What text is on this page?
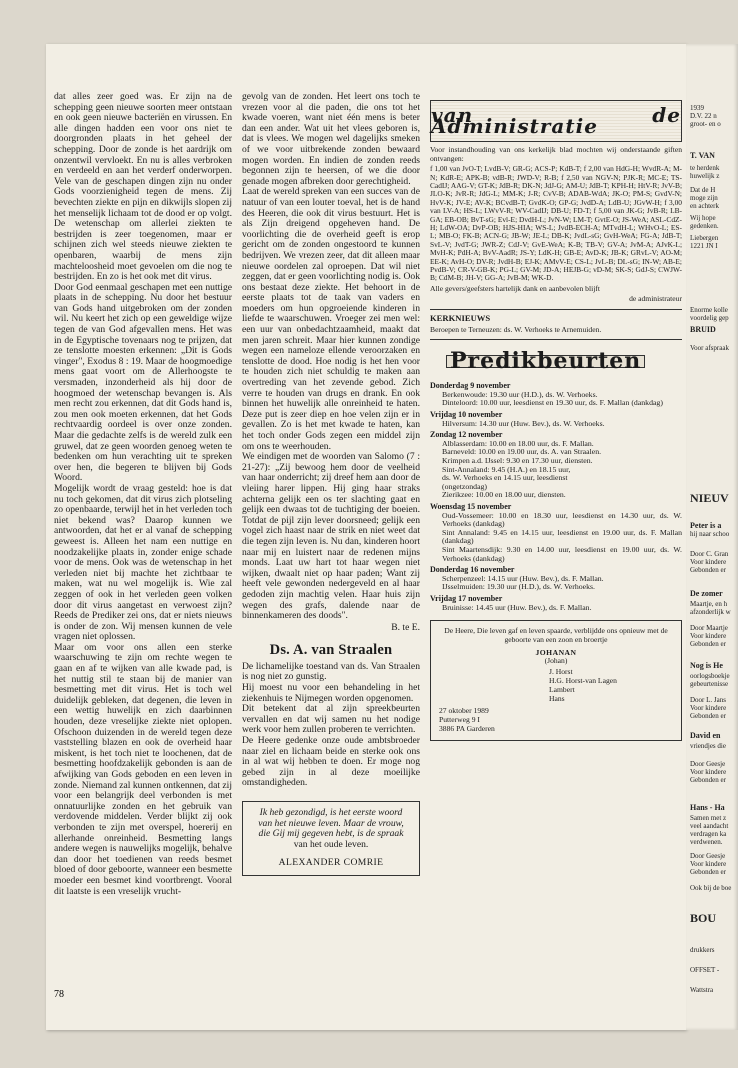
dat alles zeer goed was. Er zijn na de schepping geen nieuwe soorten meer ontstaan en ook geen nieuwe bacteriën en virussen. En alle dingen hadden een voor ons niet te doorgronden plaats in het geheel der schepping. Door de zonde is het aardrijk om onzentwil vervloekt. En nu is alles verbroken en verdeeld en aan het verderf onderworpen. Vele van de geschapen dingen zijn nu onder Gods voorzienigheid tegen de mens. Zij bevechten ziekte en pijn en dikwijls slopen zij het menselijk lichaam tot de dood er op volgt. De wetenschap om allerlei ziekten te bestrijden is zeer toegenomen, maar er schijnen zich wel steeds nieuwe ziekten te openbaren, waarbij de mens zijn machteloosheid moet gevoelen om die nog te bestrijden. En zo is het ook met dit virus.

Door God eenmaal geschapen met een nuttige plaats in de schepping. Nu door het bestuur van Gods hand uitgebroken om der zonden wil. Nu keert het zich op een geweldige wijze tegen de van God afgevallen mens. Het was in de Egyptische tovenaars nog te prijzen, dat ze tenslotte moesten erkennen: „Dit is Gods vinger", Exodus 8 : 19. Maar de hoogmoedige mens gaat voort om de Allerhoogste te versmaden, inzonderheid als hij door de hoogmoed der wetenschap bevangen is. Als men recht zou erkennen, dat dit Gods hand is, zou men ook moeten erkennen, dat het Gods rechtvaardig oordeel is over onze zonden. Maar die gedachte zelfs is de wereld zulk een gruwel, dat ze geen woorden genoeg weten te bedenken om hun verachting uit te spreken over hen, die begeren te blijven bij Gods Woord.

Mogelijk wordt de vraag gesteld: hoe is dat nu toch gekomen, dat dit virus zich plotseling zo openbaarde, terwijl het in het verleden toch niet bekend was? Daarop kunnen we antwoorden, dat het er al vanaf de schepping geweest is. Alleen het nam een nuttige en noodzakelijke plaats in, zonder enige schade voor de mens. Ook was de wetenschap in het verleden niet bij machte het zichtbaar te maken, wat nu wel mogelijk is. Wie zal zeggen of ook in het verleden geen volken door dit virus aangetast en verwoest zijn? Reeds de Prediker zei ons, dat er niets nieuws is onder de zon. Wij mensen kunnen de vele vragen niet oplossen.

Maar om voor ons allen een sterke waarschuwing te zijn om rechte wegen te gaan en af te wijken van alle kwade pad, is het nuttig stil te staan bij de manier van besmetting met dit virus. Het is toch wel duidelijk gebleken, dat degenen, die leven in een wettig huwelijk en zich daarbinnen houden, deze vreselijke ziekte niet oplopen. Ofschoon duizenden in de wereld tegen deze vaststelling blazen en ook de overheid haar miskent, is het toch niet te loochenen, dat de besmetting hoofdzakelijk gebonden is aan de afwijking van Gods geboden en een leven in zonde. Niemand zal kunnen ontkennen, dat zij voor een belangrijk deel verbonden is met onnatuurlijke zonden en het gebruik van verdovende middelen. Verder blijkt zij ook verbonden te zijn met overspel, hoererij en allerhande onreinheid. Besmetting langs andere wegen is nauwelijks mogelijk, behalve dan door het toedienen van reeds besmet bloed of door geboorte, wanneer een besmette moeder een besmet kind voortbrengt. Vooral dit laatste is een vreselijk vrucht-

gevolg van de zonden. Het leert ons toch te vrezen voor al die paden, die ons tot het kwade voeren, want niet één mens is beter dan een ander. Wat uit het vlees geboren is, dat is vlees. We mogen wel dagelijks smeken of we voor uitbrekende zonden bewaard mogen worden. En indien de zonden reeds begonnen zijn te heersen, of we die door genade mogen afbreken door gerechtigheid.

Laat de wereld spreken van een succes van de natuur of van een louter toeval, het is de hand des Heeren, die ook dit virus bestuurt. Het is als Zijn dreigend opgeheven hand. De voorlichting die de overheid geeft is erop gericht om de zonden ongestoord te kunnen bedrijven. We vrezen zeer, dat dit alleen maar nieuwe oordelen zal oproepen. Dat wil niet zeggen, dat er geen voorlichting nodig is. Ook ons bestaat deze ziekte. Het behoort in de eerste plaats tot de taak van vaders en moeders om hun opgroeiende kinderen in liefde te waarschuwen. Vroeger zei men wel: een uur van onbedachtzaamheid, maakt dat men jaren schreit. Maar hier kunnen zondige wegen een nameloze ellende veroorzaken en tenslotte de dood. Hoe nodig is het hen voor te houden zich niet schuldig te maken aan overtreding van het zevende gebod. Zich verre te houden van drugs en drank. En ook binnen het huwelijk alle onreinheid te haten. Deze put is zeer diep en hoe velen zijn er in gevallen. Zo is het met kwade te haten, kan het toch onder Gods zegen een middel zijn om ons te weerhouden.

We eindigen met de woorden van Salomo (7 : 21-27): „Zij bewoog hem door de veelheid van haar onderricht; zij dreef hem aan door de vleiing harer lippen. Hij ging haar straks achterna gelijk een os ter slachting gaat en gelijk een dwaas tot de tuchtiging der boeien. Totdat de pijl zijn lever doorsneed; gelijk een vogel zich haast naar de strik en niet weet dat die tegen zijn leven is. Nu dan, kinderen hoort naar mij en luistert naar de redenen mijns monds. Laat uw hart tot haar wegen niet wijken, dwaalt niet op haar paden; Want zij heeft vele gewonden nedergeveld en al haar gedoden zijn machtig velen. Haar huis zijn wegen des grafs, dalende naar de binnenkameren des doods".

B. te E.
Ds. A. van Straalen

De lichamelijke toestand van ds. Van Straalen is nog niet zo gunstig.

Hij moest nu voor een behandeling in het ziekenhuis te Nijmegen worden opgenomen.

Dit betekent dat al zijn spreekbeurten vervallen en dat wij samen nu het nodige werk voor hem zullen proberen te verrichten.

De Heere gedenke onze oude ambtsbroeder naar ziel en lichaam beide en sterke ook ons in al wat wij hebben te doen. Er moge nog gebed zijn in al deze moeilijke omstandigheden.

Ik heb gezondigd, is het eerste woord
van het nieuwe leven. Maar de vrouw,
die Gij mij gegeven hebt, is de spraak
van het oude leven.
ALEXANDER COMRIE
van de Administratie

Voor instandhouding van ons kerkelijk blad mochten wij onderstaande giften ontvangen:

f 1,00 van JvO-T; LvdB-V; GR-G; ACS-P; KdB-T; f 2,00 van HdG-H; WvdR-A; M-N; KdR-E; APK-B; vdB-R; JWD-V; R-B; f 2,50 van NGV-N; PJK-R; MC-E; TS-CadIJ; AAG-V; GT-K; JdB-R; DK-N; JdJ-G; AM-U; JdB-T; KPH-H; HtV-R; JvV-B; JLO-K; JvR-R; JdG-L; MM-K; J-R; CvV-B; ADAB-WdA; JK-O; PM-S; GvdV-N; HvV-K; JV-E; AV-K; BCvdB-T; GvdK-O; GP-G; JvdD-A; LdB-U; JGvW-H; f 3,00 van LV-A; HS-L; LWvV-R; WV-CadIJ; DB-U; FD-T; f 5,00 van JK-G; JvB-R; LB-GA; EB-OB; BvT-sG; Evl-E; DvdH-L; JvN-W; LM-T; GvtE-O; JS-WeA; ASL-CdZ-H; LdW-OA; DvP-OB; HJS-HIA; WS-L; JvdB-ECH-A; MTvdH-L; WHvO-L; ES-L; MB-O; FK-B; ACN-G; JB-W; JE-L; DB-K; JvdL-sG; GvH-WeA; FG-A; JdB-T; SvL-V; JvdT-G; JWR-Z; CdJ-V; GvE-WeA; K-B; TB-V; GV-A; JvM-A; AJvK-L; MvH-K; PdH-A; BvV-AadR; JS-Y; LdK-H; GB-E; AvD-K; JB-K; GRvL-V; AO-M; EE-K; AvH-O; DV-R; JvdH-B; EJ-K; AMvV-E; CS-L; JvL-B; DL-sG; IN-W; AB-E; PvdB-V; CR-V-GB-K; PG-L; GV-M; JD-A; HEJB-G; vD-M; SK-S; GdJ-S; CWJW-B; CdM-B; JH-V; GG-A; JvB-M; WK-D.

Alle gevers/geefsters hartelijk dank en aanbevolen blijft

de administrateur

KERKNIEUWS

Beroepen te Terneuzen: ds. W. Verhoeks te Arnemuiden.

Predikbeurten
Donderdag 9 november
Berkenwoude: 19.30 uur (H.D.), ds. W. Verhoeks.
Dinteloord: 10.00 uur, leesdienst en 19.30 uur, ds. F. Mallan (dankdag)
Vrijdag 10 november
Hilversum: 14.30 uur (Huw. Bev.), ds. W. Verhoeks.
Zondag 12 november
Alblasserdam: 10.00 en 18.00 uur, ds. F. Mallan.
Barneveld: 10.00 en 19.00 uur, ds. A. van Straalen.
Krimpen a.d. IJssel: 9.30 en 17.30 uur, diensten.
Sint-Annaland: 9.45 (H.A.) en 18.15 uur,
ds. W. Verhoeks en 14.15 uur, leesdienst
(ongetzondag)
Zierikzee: 10.00 en 18.00 uur, diensten.
Woensdag 15 november
Oud-Vossemeer: 10.00 en 18.30 uur, leesdienst en 14.30 uur, ds. W. Verhoeks (dankdag)
Sint Annaland: 9.45 en 14.15 uur, leesdienst en 19.00 uur, ds. F. Mallan (dankdag)
Sint Maartensdijk: 9.30 en 14.00 uur, leesdienst en 19.00 uur, ds. W. Verhoeks (dankdag)
Donderdag 16 november
Scherpenzeel: 14.15 uur (Huw. Bev.), ds. F. Mallan.
IJsselmuiden: 19.30 uur (H.D.), ds. W. Verhoeks.
Vrijdag 17 november
Bruinisse: 14.45 uur (Huw. Bev.), ds. F. Mallan.
De Heere, Die leven gaf en leven spaarde, verblijdde ons opnieuw met de geboorte van een zoon en broertje
JOHANAN
(Johan)
J. Horst
H.G. Horst-van Lagen
Lambert
Hans
27 oktober 1989
Putterweg 9 I
3886 PA Garderen
78
1939
D.V. 22 n
groot- en o
T. VAN
te herdenk
huwelijk z
Dat de H
moge zijn
en achterk
Wij hope
gedenken.
Liebergen
1221 JN I
Enorme kolle
voordelig gep
BRUID
Voor afspraak
NIEUV
Peter is a
hij naar schoo
Door C. Gran
Voor kindere
Gebonden er
De zomer
Maartje, en h
afzonderlijk w
Door Maartje
Voor kindere
Gebonden er
Nog is He
oorlogsboekje
gebeurtenisse
Door L. Jans
Voor kindere
Gebonden er
David en
vriendjes die
Door Geesje
Voor kindere
Gebonden er
Hans - Ha
Samen met z
veel aandacht
verdragen ka
verdwenen.
Door Geesje
Voor kindere
Gebonden er
Ook bij de boe
BOU
drukkers
OFFSET -
Wattstra
